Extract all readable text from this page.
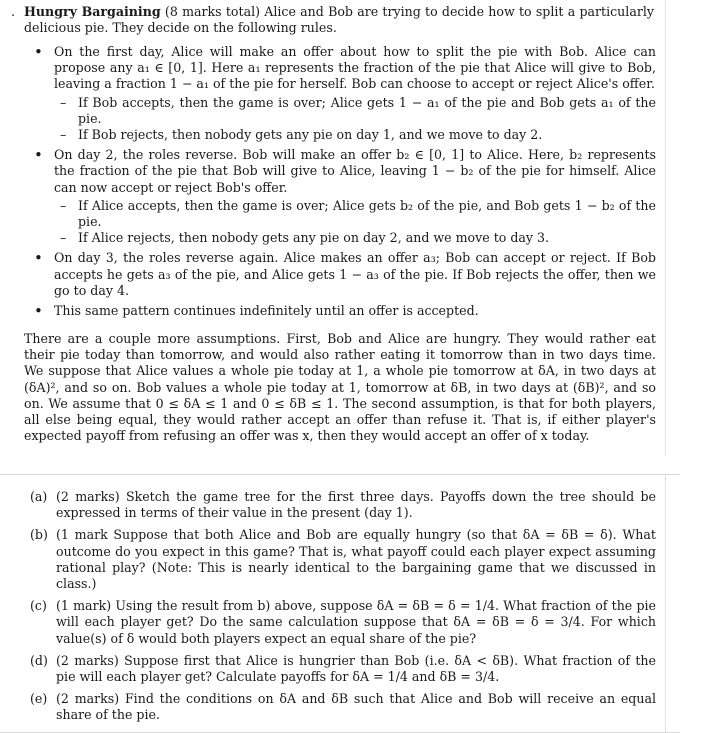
. Hungry Bargaining (8 marks total) Alice and Bob are trying to decide how to split a particularly delicious pie. They decide on the following rules.

• On the first day, Alice will make an offer about how to split the pie with Bob. Alice can propose any a₁ ∈ [0, 1]. Here a₁ represents the fraction of the pie that Alice will give to Bob, leaving a fraction 1 − a₁ of the pie for herself. Bob can choose to accept or reject Alice's offer.

– If Bob accepts, then the game is over; Alice gets 1 − a₁ of the pie and Bob gets a₁ of the pie.

– If Bob rejects, then nobody gets any pie on day 1, and we move to day 2.

• On day 2, the roles reverse. Bob will make an offer b₂ ∈ [0, 1] to Alice. Here, b₂ represents the fraction of the pie that Bob will give to Alice, leaving 1 − b₂ of the pie for himself. Alice can now accept or reject Bob's offer.

– If Alice accepts, then the game is over; Alice gets b₂ of the pie, and Bob gets 1 − b₂ of the pie.

– If Alice rejects, then nobody gets any pie on day 2, and we move to day 3.

• On day 3, the roles reverse again. Alice makes an offer a₃; Bob can accept or reject. If Bob accepts he gets a₃ of the pie, and Alice gets 1 − a₃ of the pie. If Bob rejects the offer, then we go to day 4.

• This same pattern continues indefinitely until an offer is accepted.

There are a couple more assumptions. First, Bob and Alice are hungry. They would rather eat their pie today than tomorrow, and would also rather eating it tomorrow than in two days time. We suppose that Alice values a whole pie today at 1, a whole pie tomorrow at δA, in two days at (δA)², and so on. Bob values a whole pie today at 1, tomorrow at δB, in two days at (δB)², and so on. We assume that 0 ≤ δA ≤ 1 and 0 ≤ δB ≤ 1. The second assumption, is that for both players, all else being equal, they would rather accept an offer than refuse it. That is, if either player's expected payoff from refusing an offer was x, then they would accept an offer of x today.

(a) (2 marks) Sketch the game tree for the first three days. Payoffs down the tree should be expressed in terms of their value in the present (day 1).

(b) (1 mark Suppose that both Alice and Bob are equally hungry (so that δA = δB = δ). What outcome do you expect in this game? That is, what payoff could each player expect assuming rational play? (Note: This is nearly identical to the bargaining game that we discussed in class.)

(c) (1 mark) Using the result from b) above, suppose δA = δB = δ = 1/4. What fraction of the pie will each player get? Do the same calculation suppose that δA = δB = δ = 3/4. For which value(s) of δ would both players expect an equal share of the pie?

(d) (2 marks) Suppose first that Alice is hungrier than Bob (i.e. δA < δB). What fraction of the pie will each player get? Calculate payoffs for δA = 1/4 and δB = 3/4.

(e) (2 marks) Find the conditions on δA and δB such that Alice and Bob will receive an equal share of the pie.
